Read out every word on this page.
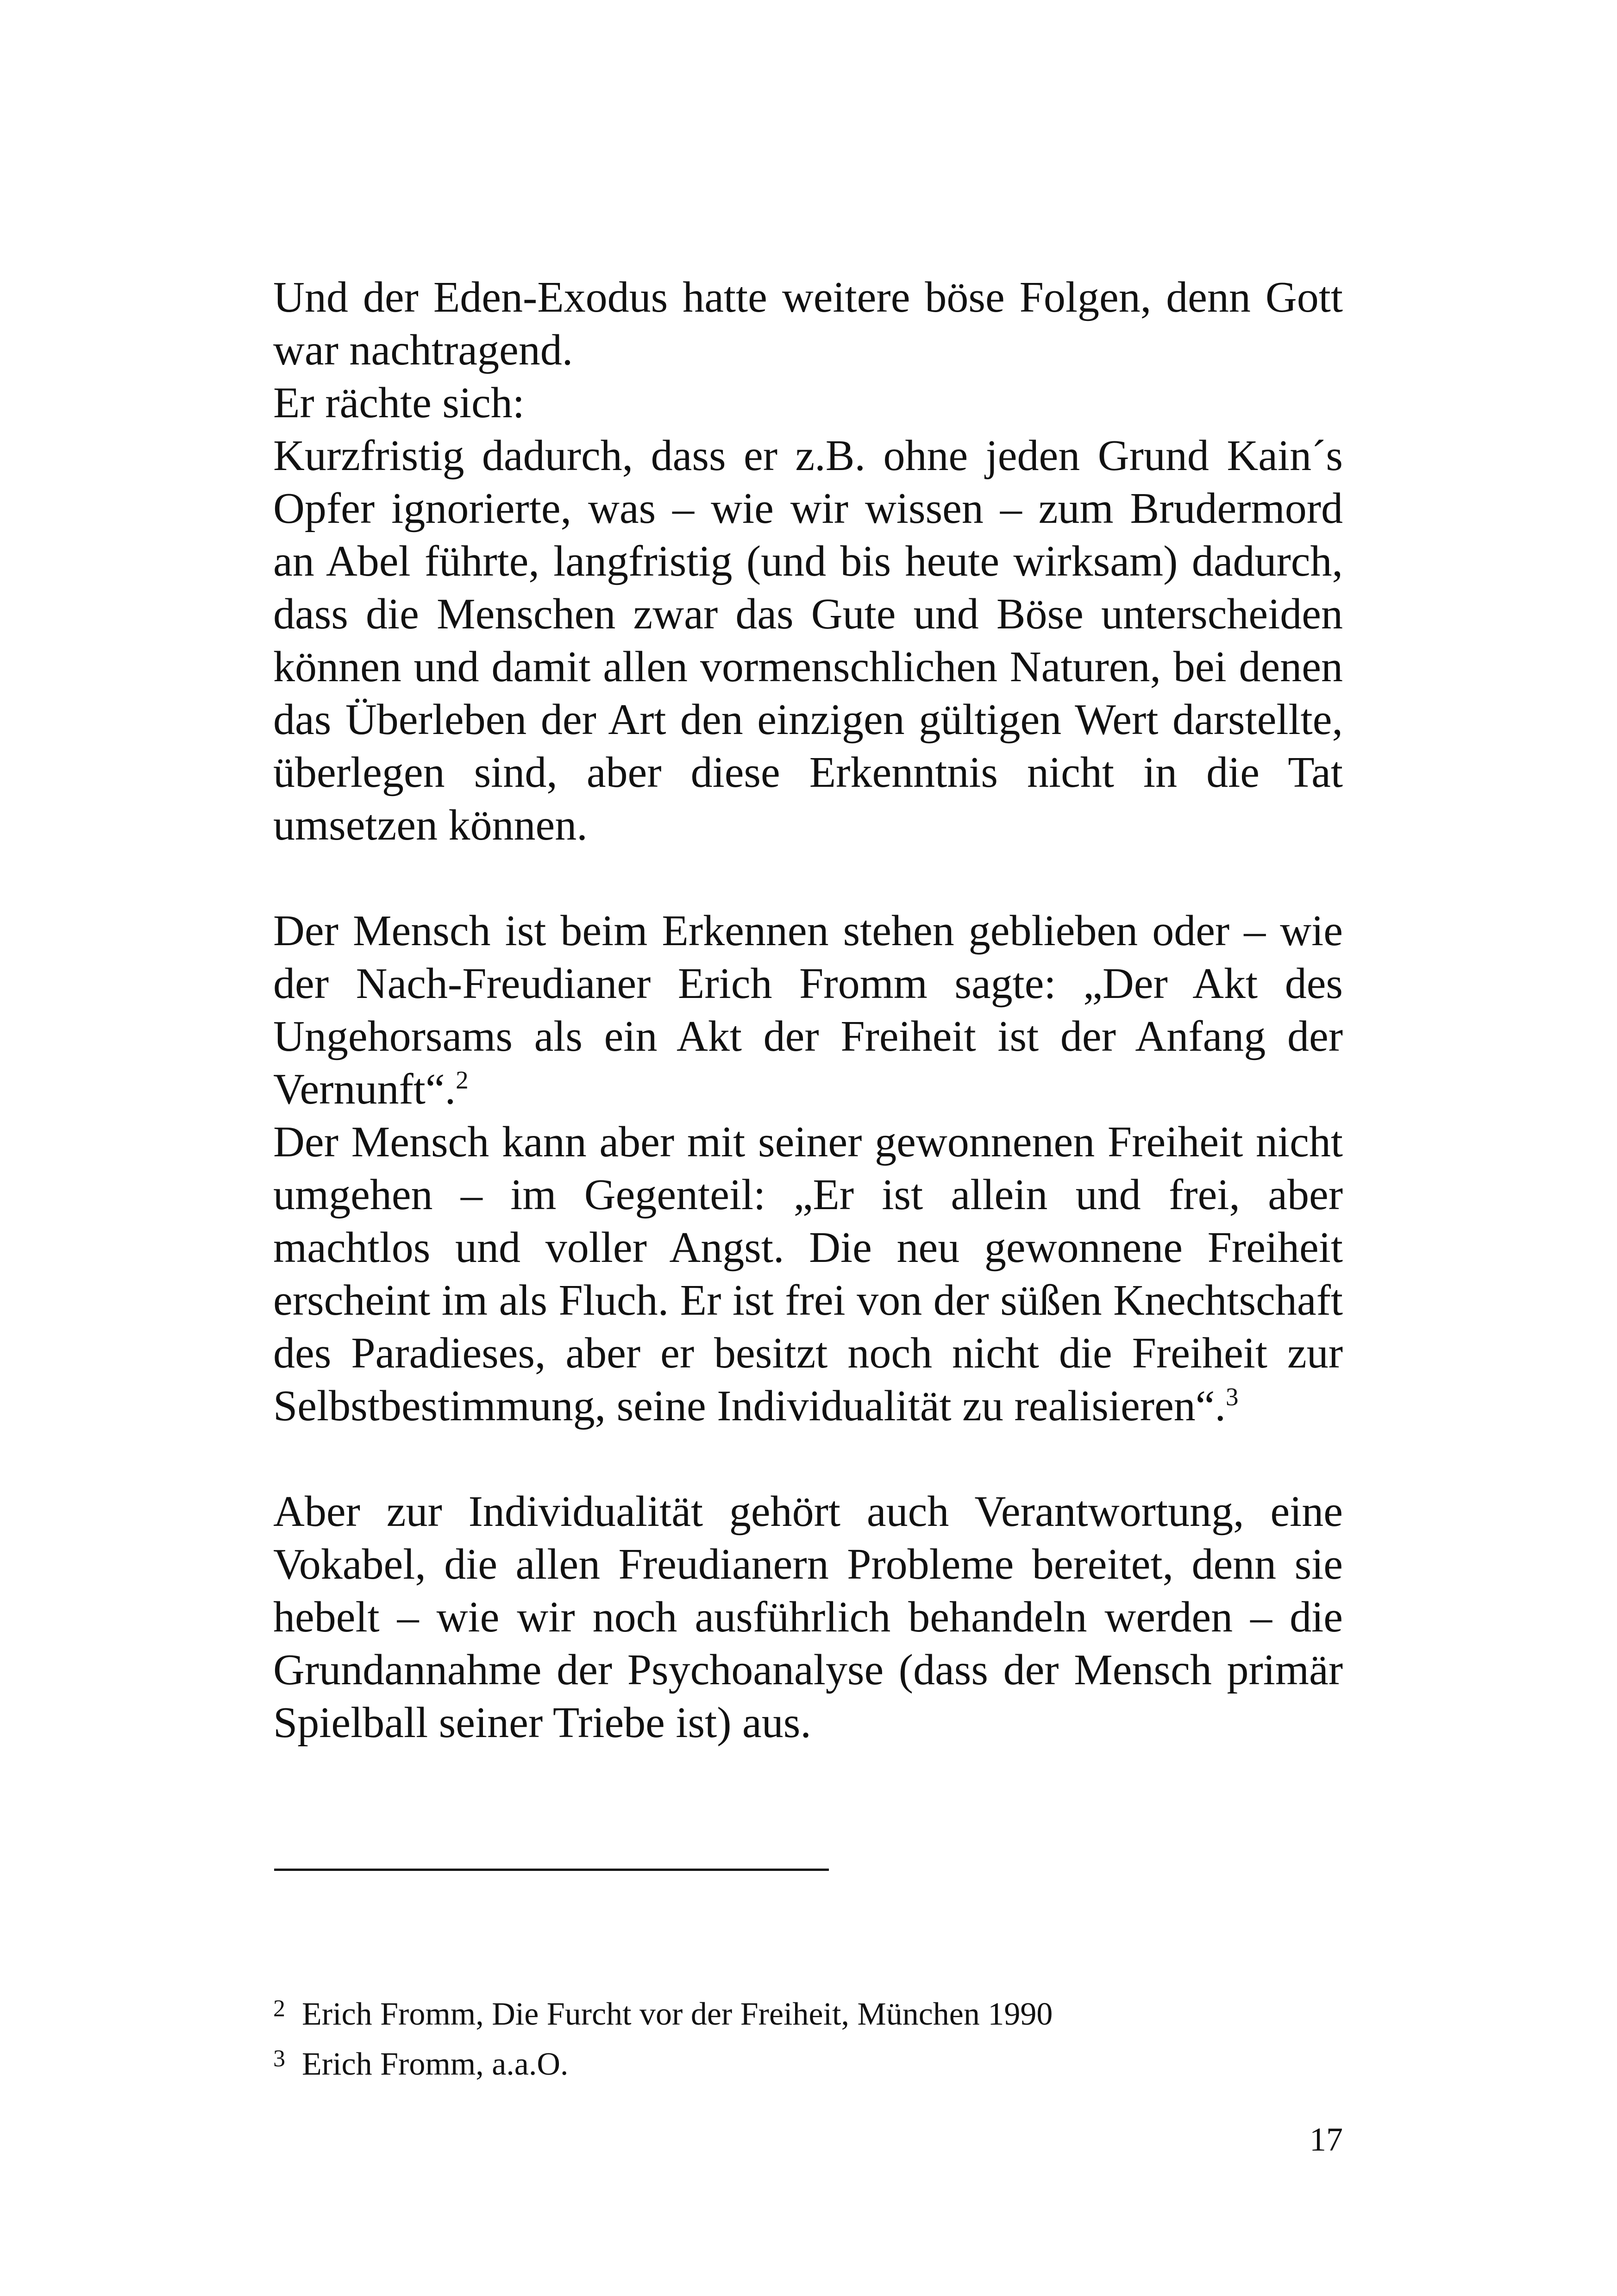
Und der Eden-Exodus hatte weitere böse Folgen, denn Gott war nachtragend.

Er rächte sich:

Kurzfristig dadurch, dass er z.B. ohne jeden Grund Kain´s Opfer ignorierte, was – wie wir wissen – zum Brudermord an Abel führte, langfristig (und bis heute wirksam) dadurch, dass die Menschen zwar das Gute und Böse unterscheiden können und damit allen vormenschlichen Naturen, bei denen das Überleben der Art den einzigen gültigen Wert darstellte, überlegen sind, aber diese Erkenntnis nicht in die Tat umsetzen können.

Der Mensch ist beim Erkennen stehen geblieben oder – wie der Nach-Freudianer Erich Fromm sagte: „Der Akt des Ungehorsams als ein Akt der Freiheit ist der Anfang der Vernunft“.$^2$

Der Mensch kann aber mit seiner gewonnenen Freiheit nicht umgehen – im Gegenteil: „Er ist allein und frei, aber machtlos und voller Angst. Die neu gewonnene Freiheit erscheint im als Fluch. Er ist frei von der süßen Knechtschaft des Paradieses, aber er besitzt noch nicht die Freiheit zur Selbstbestimmung, seine Individualität zu realisieren“.$^3$

Aber zur Individualität gehört auch Verantwortung, eine Vokabel, die allen Freudianern Probleme bereitet, denn sie hebelt – wie wir noch ausführlich behandeln werden – die Grundannahme der Psychoanalyse (dass der Mensch primär Spielball seiner Triebe ist) aus.

2 Erich Fromm, Die Furcht vor der Freiheit, München 1990

3 Erich Fromm, a.a.O.

17
